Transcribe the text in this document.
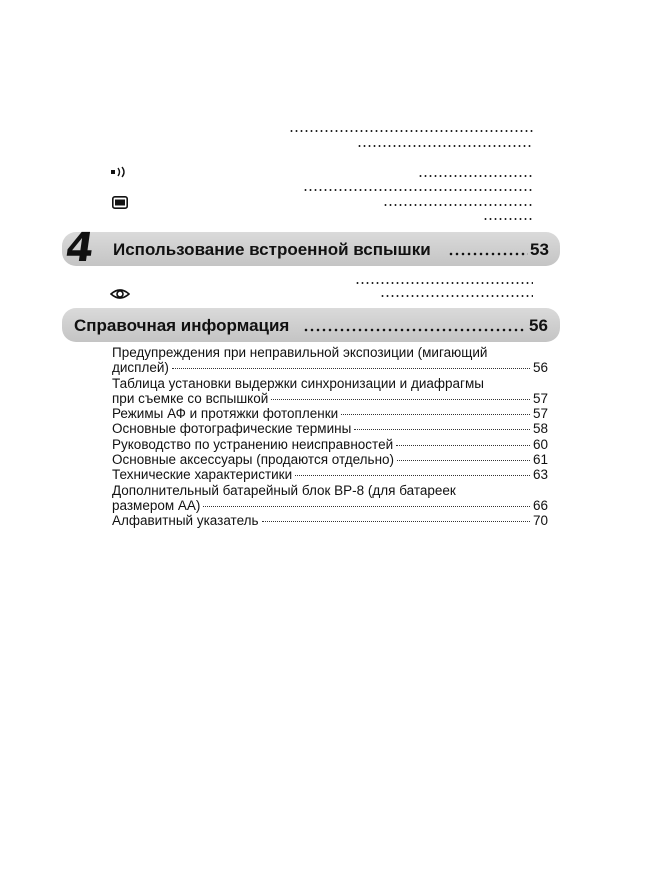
4 Использование встроенной вспышки	53
Справочная информация	56
Предупреждения при неправильной экспозиции (мигающий
дисплей)	56
Таблица установки выдержки синхронизации и диафрагмы
при съемке со вспышкой	57
Режимы АФ и протяжки фотопленки	57
Основные фотографические термины	58
Руководство по устранению неисправностей	60
Основные аксессуары (продаются отдельно)	61
Технические характеристики	63
Дополнительный батарейный блок ВР-8 (для батареек
размером АА)	66
Алфавитный указатель	70
